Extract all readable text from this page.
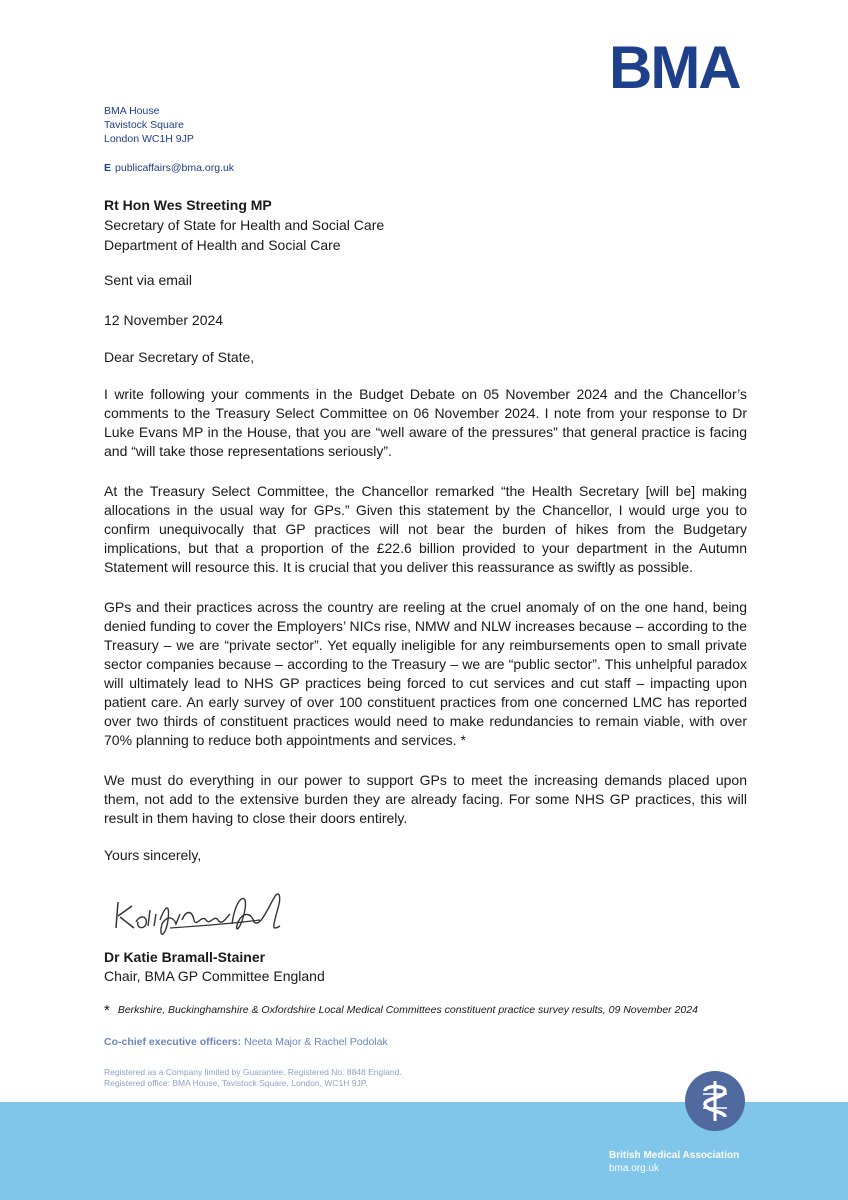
BMA
BMA House
Tavistock Square
London WC1H 9JP
E publicaffairs@bma.org.uk
Rt Hon Wes Streeting MP
Secretary of State for Health and Social Care
Department of Health and Social Care
Sent via email
12 November 2024
Dear Secretary of State,

I write following your comments in the Budget Debate on 05 November 2024 and the Chancellor’s comments to the Treasury Select Committee on 06 November 2024. I note from your response to Dr Luke Evans MP in the House, that you are “well aware of the pressures” that general practice is facing and “will take those representations seriously”.

At the Treasury Select Committee, the Chancellor remarked “the Health Secretary [will be] making allocations in the usual way for GPs.” Given this statement by the Chancellor, I would urge you to confirm unequivocally that GP practices will not bear the burden of hikes from the Budgetary implications, but that a proportion of the £22.6 billion provided to your department in the Autumn Statement will resource this. It is crucial that you deliver this reassurance as swiftly as possible.

GPs and their practices across the country are reeling at the cruel anomaly of on the one hand, being denied funding to cover the Employers’ NICs rise, NMW and NLW increases because – according to the Treasury – we are “private sector”. Yet equally ineligible for any reimbursements open to small private sector companies because – according to the Treasury – we are “public sector”. This unhelpful paradox will ultimately lead to NHS GP practices being forced to cut services and cut staff – impacting upon patient care. An early survey of over 100 constituent practices from one concerned LMC has reported over two thirds of constituent practices would need to make redundancies to remain viable, with over 70% planning to reduce both appointments and services. *

We must do everything in our power to support GPs to meet the increasing demands placed upon them, not add to the extensive burden they are already facing. For some NHS GP practices, this will result in them having to close their doors entirely.

Yours sincerely,
Dr Katie Bramall-Stainer
Chair, BMA GP Committee England
* Berkshire, Buckinghamshire & Oxfordshire Local Medical Committees constituent practice survey results, 09 November 2024
Co-chief executive officers: Neeta Major & Rachel Podolak
Registered as a Company limited by Guarantee. Registered No. 8848 England.
Registered office: BMA House, Tavistock Square, London, WC1H 9JP.
British Medical Association
bma.org.uk
